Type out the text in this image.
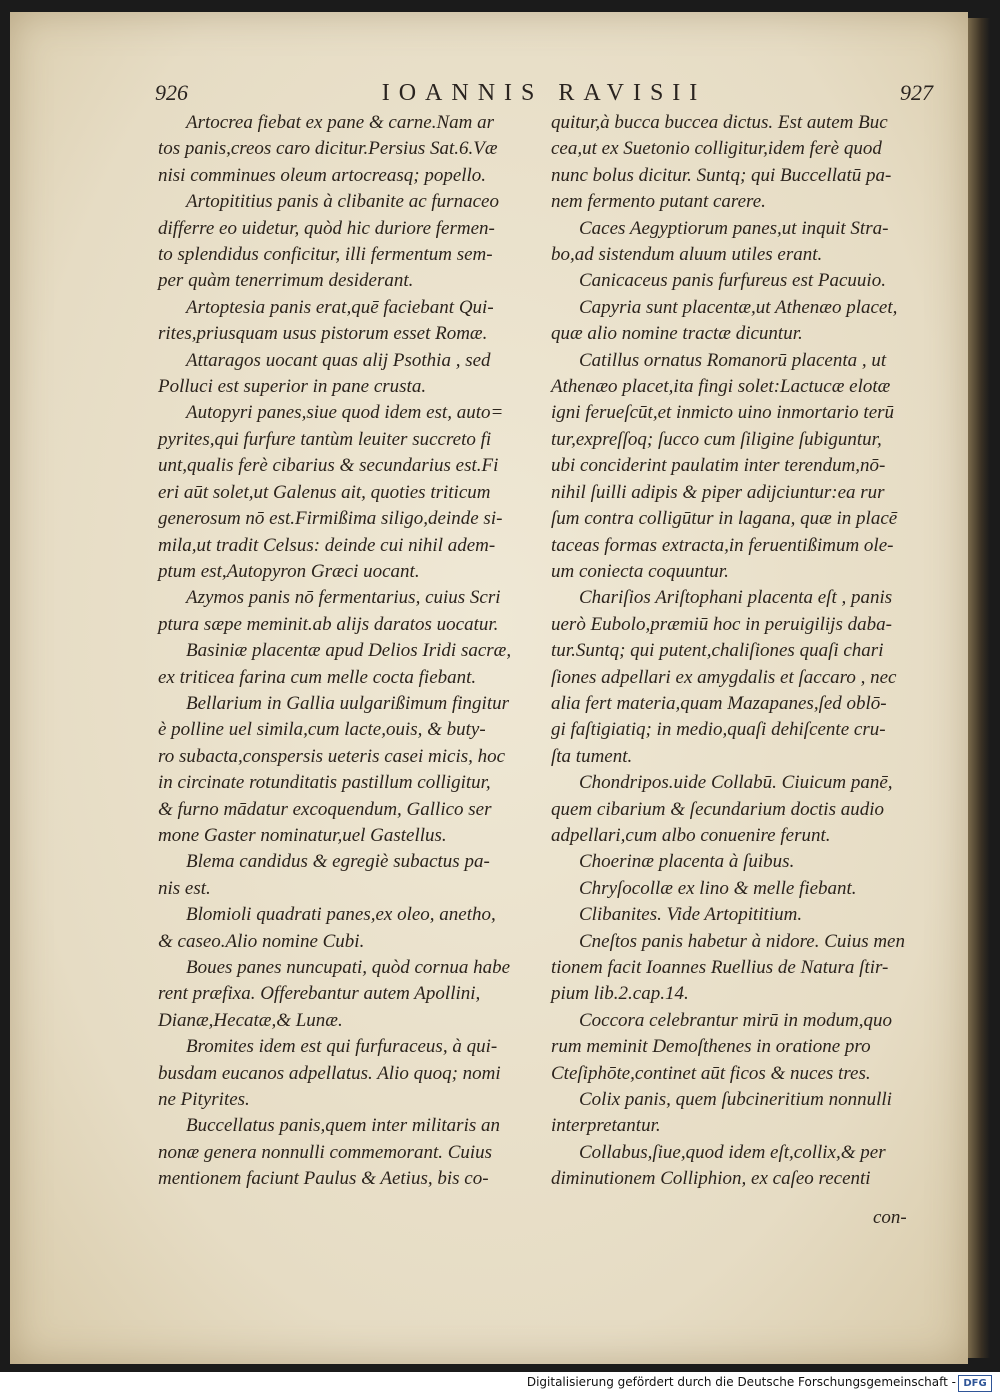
926	IOANNIS RAVISII	927
Artocrea fiebat ex pane & carne.Nam ar
tos panis,creos caro dicitur.Persius Sat.6.Væ
nisi comminues oleum artocreasq; popello.
Artopititius panis à clibanite ac furnaceo
differre eo uidetur, quòd hic duriore fermen-
to splendidus conficitur, illi fermentum sem-
per quàm tenerrimum desiderant.
Artoptesia panis erat,quē faciebant Qui-
rites,priusquam usus pistorum esset Romæ.
Attaragos uocant quas alij Psothia , sed
Polluci est superior in pane crusta.
Autopyri panes,siue quod idem est, auto=
pyrites,qui furfure tantùm leuiter succreto fi
unt,qualis ferè cibarius & secundarius est.Fi
eri aūt solet,ut Galenus ait, quoties triticum
generosum nō est.Firmißima siligo,deinde si-
mila,ut tradit Celsus: deinde cui nihil adem-
ptum est,Autopyron Græci uocant.
Azymos panis nō fermentarius, cuius Scri
ptura sæpe meminit.ab alijs daratos uocatur.
Basiniæ placentæ apud Delios Iridi sacræ,
ex triticea farina cum melle cocta fiebant.
Bellarium in Gallia uulgarißimum fingitur
è polline uel simila,cum lacte,ouis, & buty-
ro subacta,conspersis ueteris casei micis, hoc
in circinate rotunditatis pastillum colligitur,
& furno mādatur excoquendum, Gallico ser
mone Gaster nominatur,uel Gastellus.
Blema candidus & egregiè subactus pa-
nis est.
Blomioli quadrati panes,ex oleo, anetho,
& caseo.Alio nomine Cubi.
Boues panes nuncupati, quòd cornua habe
rent præfixa. Offerebantur autem Apollini,
Dianæ,Hecatæ,& Lunæ.
Bromites idem est qui furfuraceus, à qui-
busdam eucanos adpellatus. Alio quoq; nomi
ne Pityrites.
Buccellatus panis,quem inter militaris an
nonæ genera nonnulli commemorant. Cuius
mentionem faciunt Paulus & Aetius, bis co-
quitur,à bucca buccea dictus. Est autem Buc
cea,ut ex Suetonio colligitur,idem ferè quod
nunc bolus dicitur. Suntq; qui Buccellatū pa-
nem fermento putant carere.
Caces Aegyptiorum panes,ut inquit Stra-
bo,ad sistendum aluum utiles erant.
Canicaceus panis furfureus est Pacuuio.
Capyria sunt placentæ,ut Athenæo placet,
quæ alio nomine tractæ dicuntur.
Catillus ornatus Romanorū placenta , ut
Athenæo placet,ita fingi solet:Lactucæ elotæ
igni ferueſcūt,et inmicto uino inmortario terū
tur,expreſſoq; ſucco cum ſiligine ſubiguntur,
ubi conciderint paulatim inter terendum,nō-
nihil ſuilli adipis & piper adijciuntur:ea rur
ſum contra colligūtur in lagana, quæ in placē
taceas formas extracta,in feruentißimum ole-
um coniecta coquuntur.
Chariſios Ariſtophani placenta eſt , panis
uerò Eubolo,præmiū hoc in peruigilijs daba-
tur.Suntq; qui putent,chaliſiones quaſi chari
ſiones adpellari ex amygdalis et ſaccaro , nec
alia fert materia,quam Mazapanes,ſed oblō-
gi faſtigiatiq; in medio,quaſi dehiſcente cru-
ſta tument.
Chondripos.uide Collabū. Ciuicum panē,
quem cibarium & ſecundarium doctis audio
adpellari,cum albo conuenire ferunt.
Choerinæ placenta à ſuibus.
Chryſocollæ ex lino & melle fiebant.
Clibanites. Vide Artopititium.
Cneſtos panis habetur à nidore. Cuius men
tionem facit Ioannes Ruellius de Natura ſtir-
pium lib.2.cap.14.
Coccora celebrantur mirū in modum,quo
rum meminit Demoſthenes in oratione pro
Cteſiphōte,continet aūt ficos & nuces tres.
Colix panis, quem ſubcineritium nonnulli
interpretantur.
Collabus,ſiue,quod idem eſt,collix,& per
diminutionem Colliphion, ex caſeo recenti
con-
Digitalisierung gefördert durch die Deutsche Forschungsgemeinschaft - DFG
